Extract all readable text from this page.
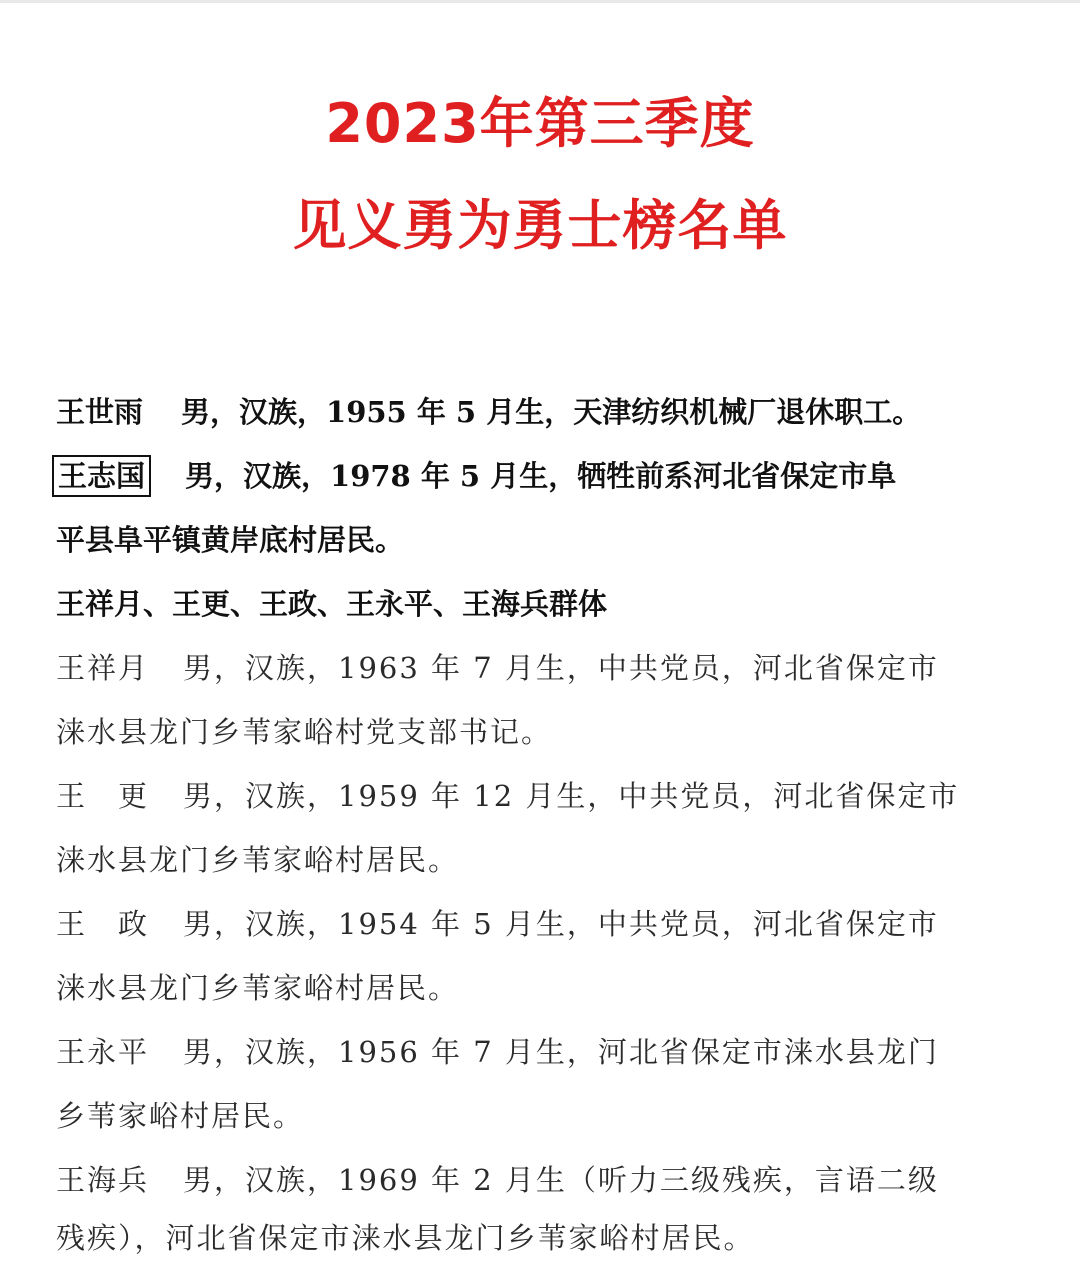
2023年第三季度
见义勇为勇士榜名单
王世雨 男，汉族，1955 年 5 月生，天津纺织机械厂退休职工。
王志国 男，汉族，1978 年 5 月生，牺牲前系河北省保定市阜
平县阜平镇黄岸底村居民。
王祥月、王更、王政、王永平、王海兵群体
王祥月 男，汉族，1963 年 7 月生，中共党员，河北省保定市
涞水县龙门乡苇家峪村党支部书记。
王　更 男，汉族，1959 年 12 月生，中共党员，河北省保定市
涞水县龙门乡苇家峪村居民。
王　政 男，汉族，1954 年 5 月生，中共党员，河北省保定市
涞水县龙门乡苇家峪村居民。
王永平 男，汉族，1956 年 7 月生，河北省保定市涞水县龙门
乡苇家峪村居民。
王海兵 男，汉族，1969 年 2 月生（听力三级残疾，言语二级
残疾），河北省保定市涞水县龙门乡苇家峪村居民。
